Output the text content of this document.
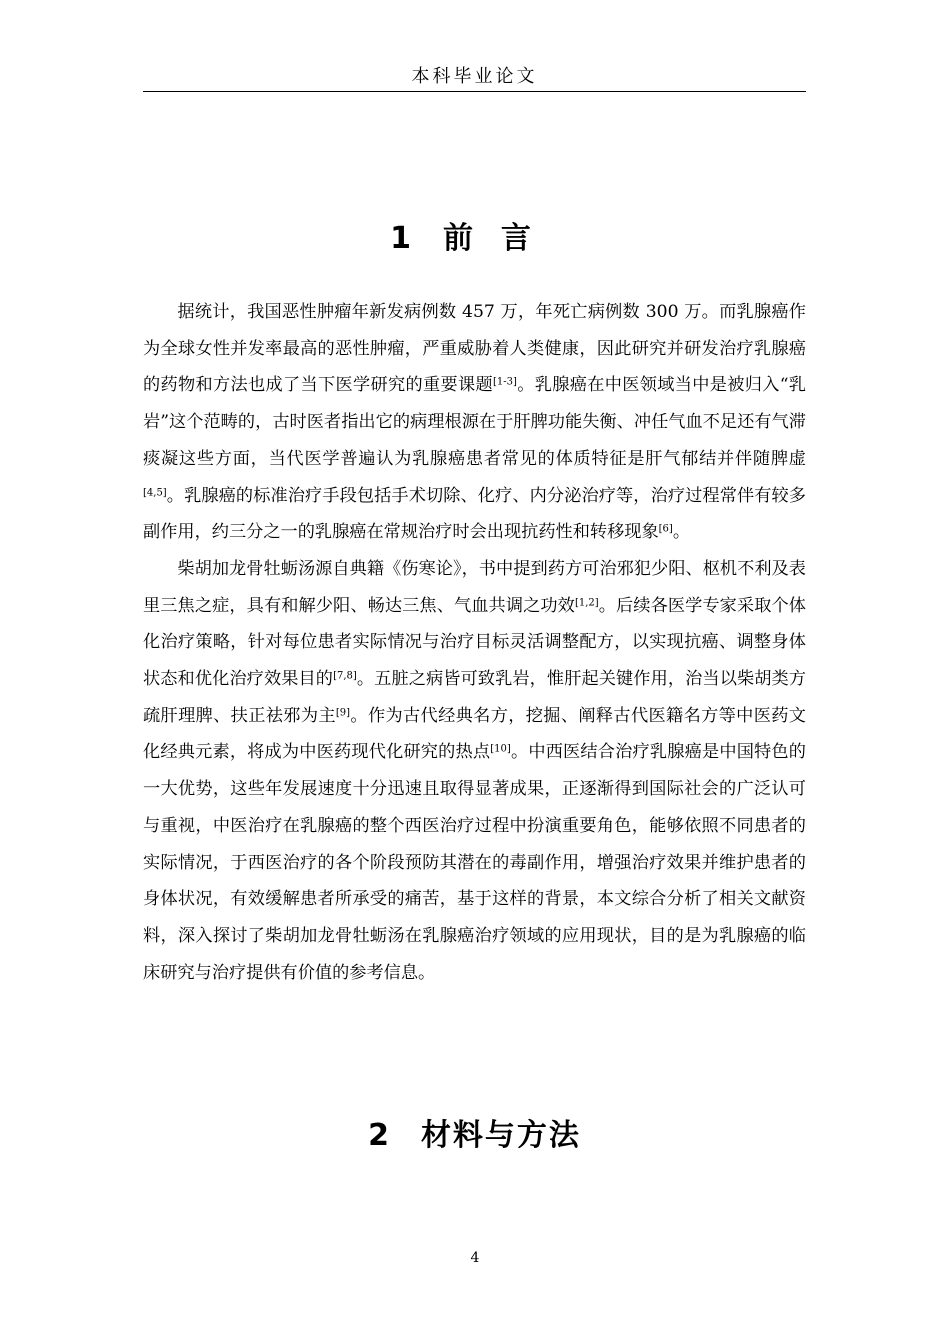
本科毕业论文
1 前言

据统计，我国恶性肿瘤年新发病例数 457 万，年死亡病例数 300 万。而乳腺癌作为全球女性并发率最高的恶性肿瘤，严重威胁着人类健康，因此研究并研发治疗乳腺癌的药物和方法也成了当下医学研究的重要课题[1-3]。乳腺癌在中医领域当中是被归入“乳岩”这个范畴的，古时医者指出它的病理根源在于肝脾功能失衡、冲任气血不足还有气滞痰凝这些方面，当代医学普遍认为乳腺癌患者常见的体质特征是肝气郁结并伴随脾虚[4,5]。乳腺癌的标准治疗手段包括手术切除、化疗、内分泌治疗等，治疗过程常伴有较多副作用，约三分之一的乳腺癌在常规治疗时会出现抗药性和转移现象[6]。

柴胡加龙骨牡蛎汤源自典籍《伤寒论》，书中提到药方可治邪犯少阳、枢机不利及表里三焦之症，具有和解少阳、畅达三焦、气血共调之功效[1,2]。后续各医学专家采取个体化治疗策略，针对每位患者实际情况与治疗目标灵活调整配方，以实现抗癌、调整身体状态和优化治疗效果目的[7,8]。五脏之病皆可致乳岩，惟肝起关键作用，治当以柴胡类方疏肝理脾、扶正祛邪为主[9]。作为古代经典名方，挖掘、阐释古代医籍名方等中医药文化经典元素，将成为中医药现代化研究的热点[10]。中西医结合治疗乳腺癌是中国特色的一大优势，这些年发展速度十分迅速且取得显著成果，正逐渐得到国际社会的广泛认可与重视，中医治疗在乳腺癌的整个西医治疗过程中扮演重要角色，能够依照不同患者的实际情况，于西医治疗的各个阶段预防其潜在的毒副作用，增强治疗效果并维护患者的身体状况，有效缓解患者所承受的痛苦，基于这样的背景，本文综合分析了相关文献资料，深入探讨了柴胡加龙骨牡蛎汤在乳腺癌治疗领域的应用现状，目的是为乳腺癌的临床研究与治疗提供有价值的参考信息。

2 材料与方法
4
